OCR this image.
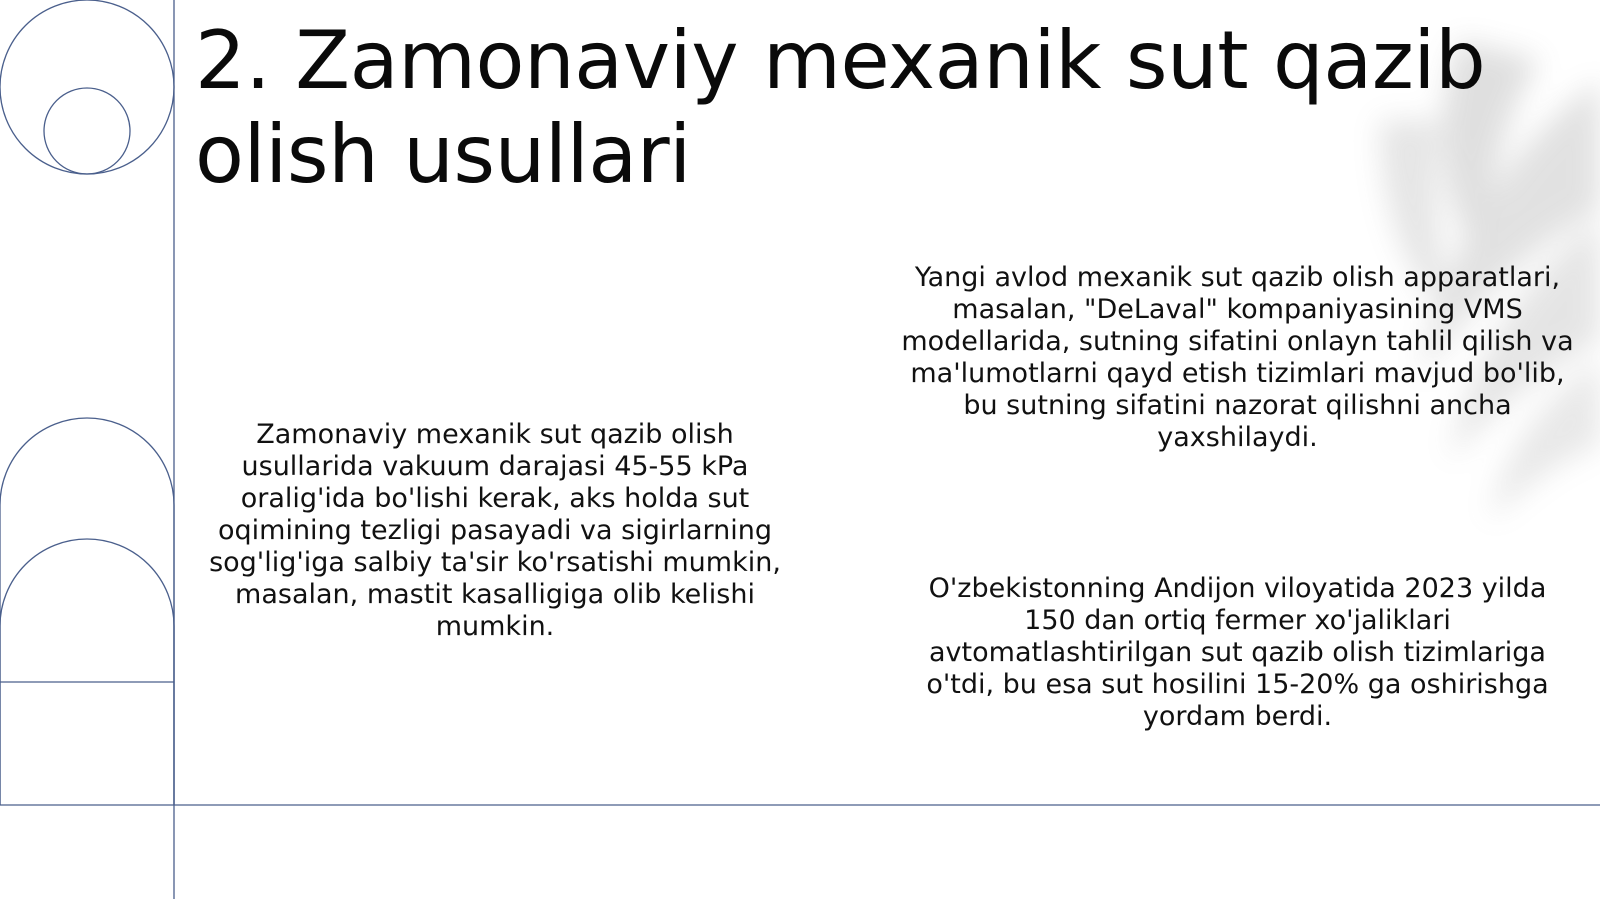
2. Zamonaviy mexanik sut qazib olish usullari

Zamonaviy mexanik sut qazib olish usullarida vakuum darajasi 45-55 kPa oralig'ida bo'lishi kerak, aks holda sut oqimining tezligi pasayadi va sigirlarning sog'lig'iga salbiy ta'sir ko'rsatishi mumkin, masalan, mastit kasalligiga olib kelishi mumkin.

Yangi avlod mexanik sut qazib olish apparatlari, masalan, "DeLaval" kompaniyasining VMS modellarida, sutning sifatini onlayn tahlil qilish va ma'lumotlarni qayd etish tizimlari mavjud bo'lib, bu sutning sifatini nazorat qilishni ancha yaxshilaydi.

O'zbekistonning Andijon viloyatida 2023 yilda 150 dan ortiq fermer xo'jaliklari avtomatlashtirilgan sut qazib olish tizimlariga o'tdi, bu esa sut hosilini 15-20% ga oshirishga yordam berdi.
